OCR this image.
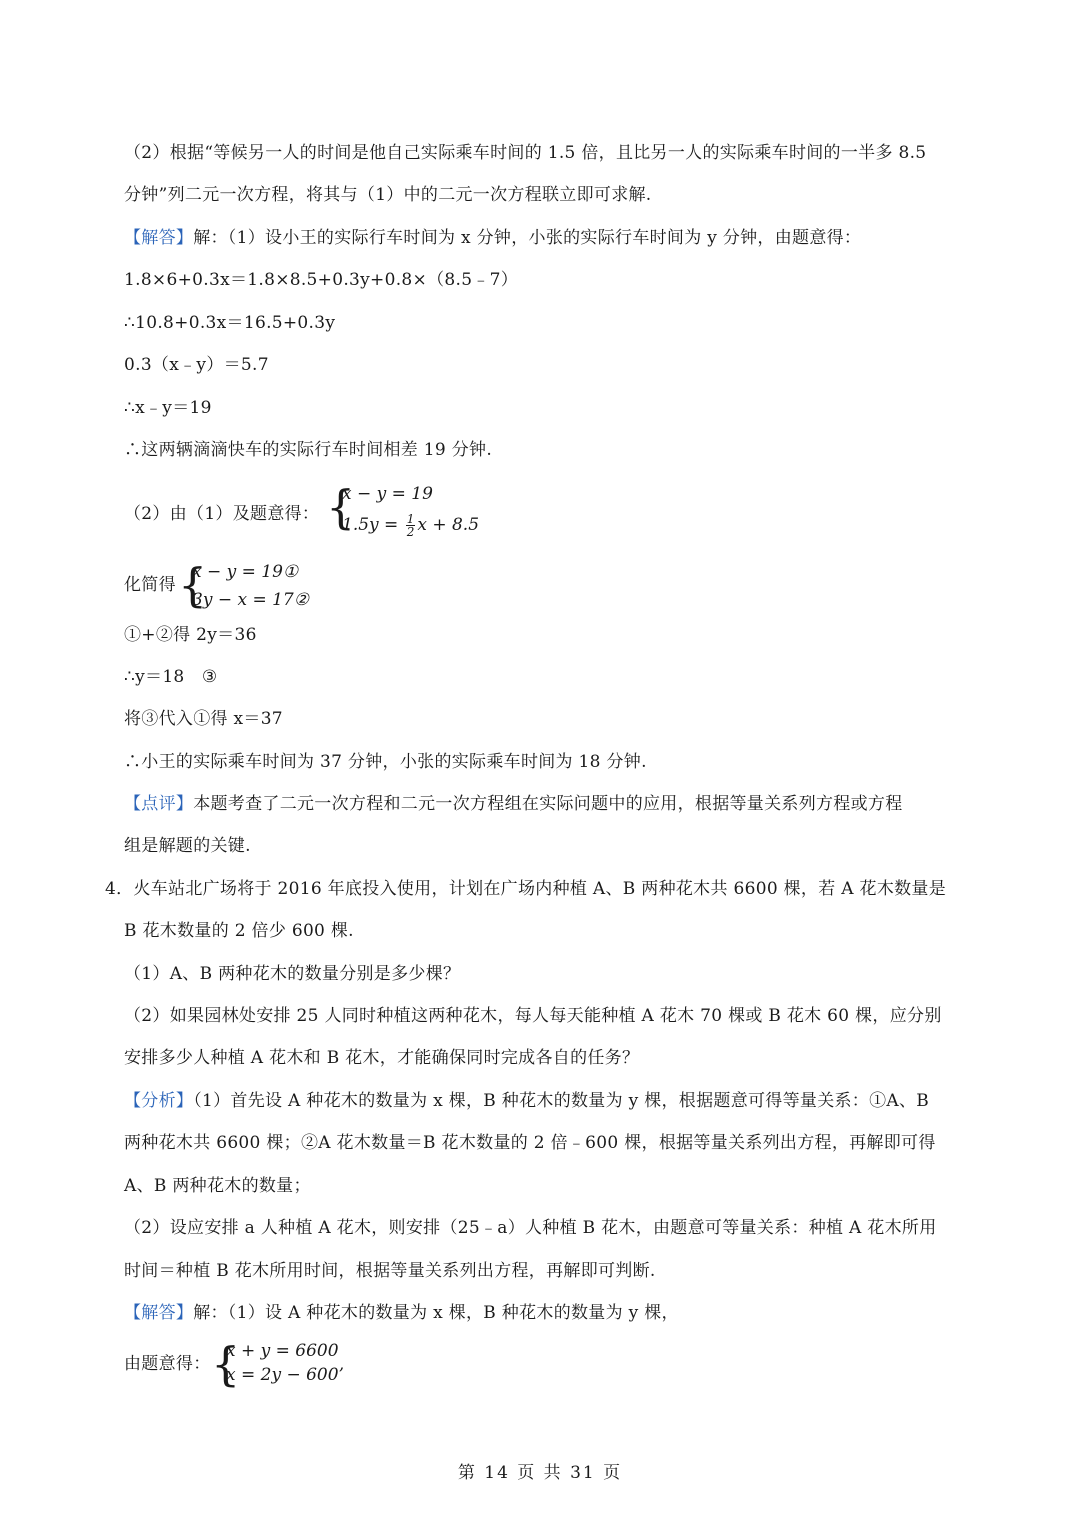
（2）根据“等候另一人的时间是他自己实际乘车时间的 1.5 倍，且比另一人的实际乘车时间的一半多 8.5
分钟”列二元一次方程，将其与（1）中的二元一次方程联立即可求解.
【解答】解：（1）设小王的实际行车时间为 x 分钟，小张的实际行车时间为 y 分钟，由题意得：
1.8×6+0.3x＝1.8×8.5+0.3y+0.8×（8.5﹣7）
∴10.8+0.3x＝16.5+0.3y
0.3（x﹣y）＝5.7
∴x﹣y＝19
∴这两辆滴滴快车的实际行车时间相差 19 分钟.
（2）由（1）及题意得： {
x − y = 19
$1.5y = \frac{1}{2}$ x + 8.5
化简得 {
x − y = 19①
3y − x = 17②
①+②得 2y＝36
∴y＝18　③
将③代入①得 x＝37
∴小王的实际乘车时间为 37 分钟，小张的实际乘车时间为 18 分钟.
【点评】本题考查了二元一次方程和二元一次方程组在实际问题中的应用，根据等量关系列方程或方程
组是解题的关键.
4．火车站北广场将于 2016 年底投入使用，计划在广场内种植 A、B 两种花木共 6600 棵，若 A 花木数量是
B 花木数量的 2 倍少 600 棵.
（1）A、B 两种花木的数量分别是多少棵？
（2）如果园林处安排 25 人同时种植这两种花木，每人每天能种植 A 花木 70 棵或 B 花木 60 棵，应分别
安排多少人种植 A 花木和 B 花木，才能确保同时完成各自的任务？
【分析】（1）首先设 A 种花木的数量为 x 棵，B 种花木的数量为 y 棵，根据题意可得等量关系：①A、B
两种花木共 6600 棵；②A 花木数量＝B 花木数量的 2 倍﹣600 棵，根据等量关系列出方程，再解即可得
A、B 两种花木的数量；
（2）设应安排 a 人种植 A 花木，则安排（25﹣a）人种植 B 花木，由题意可等量关系：种植 A 花木所用
时间＝种植 B 花木所用时间，根据等量关系列出方程，再解即可判断.
【解答】解：（1）设 A 种花木的数量为 x 棵，B 种花木的数量为 y 棵，
由题意得： {
x + y = 6600
x = 2y − 600’
第 14 页 共 31 页
